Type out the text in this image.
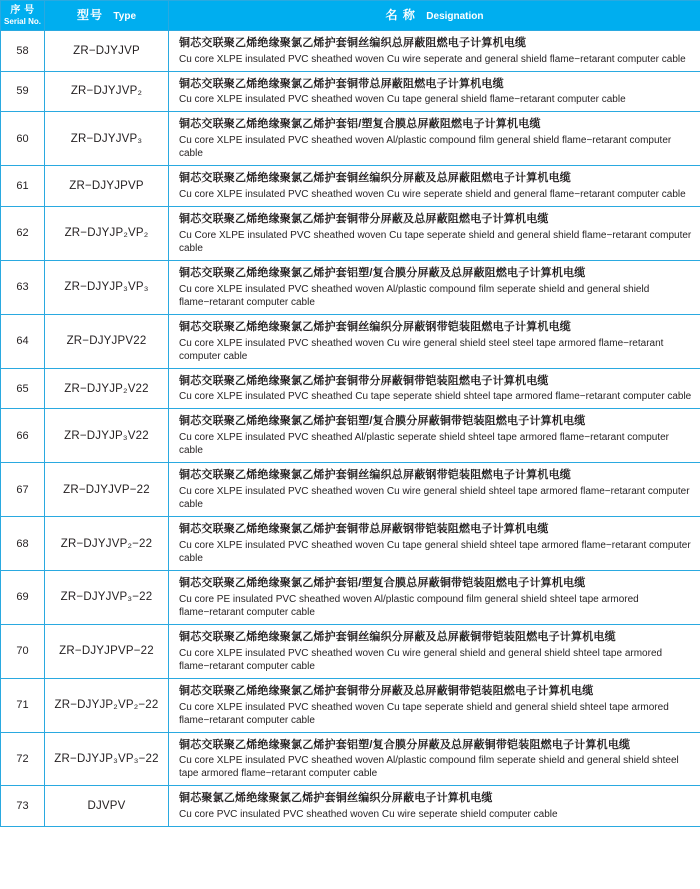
序 号
Serial No.	型号 Type	名 称 Designation
58	ZR−DJYJVP	铜芯交联聚乙烯绝缘聚氯乙烯护套铜丝编织总屏蔽阻燃电子计算机电缆
Cu core XLPE insulated PVC sheathed woven Cu wire seperate and general shield flame−retarant computer cable

59	ZR−DJYJVP₂	铜芯交联聚乙烯绝缘聚氯乙烯护套铜带总屏蔽阻燃电子计算机电缆
Cu core XLPE insulated PVC sheathed woven Cu tape general shield flame−retarant computer cable

60	ZR−DJYJVP₃	铜芯交联聚乙烯绝缘聚氯乙烯护套铝/塑复合膜总屏蔽阻燃电子计算机电缆
Cu core XLPE insulated PVC sheathed woven Al/plastic compound film general shield flame−retarant computer cable

61	ZR−DJYJPVP	铜芯交联聚乙烯绝缘聚氯乙烯护套铜丝编织分屏蔽及总屏蔽阻燃电子计算机电缆
Cu core XLPE insulated PVC sheathed woven Cu wire seperate shield and general flame−retarant computer cable

62	ZR−DJYJP₂VP₂	铜芯交联聚乙烯绝缘聚氯乙烯护套铜带分屏蔽及总屏蔽阻燃电子计算机电缆
Cu Core XLPE insulated PVC sheathed woven Cu tape seperate shield and general shield flame−retarant computer cable

63	ZR−DJYJP₃VP₃	铜芯交联聚乙烯绝缘聚氯乙烯护套铝塑/复合膜分屏蔽及总屏蔽阻燃电子计算机电缆
Cu core XLPE insulated PVC sheathed woven Al/plastic compound film seperate shield and general shield flame−retarant computer cable

64	ZR−DJYJPV22	铜芯交联聚乙烯绝缘聚氯乙烯护套铜丝编织分屏蔽钢带铠装阻燃电子计算机电缆
Cu core XLPE insulated PVC sheathed woven Cu wire general shield steel steel tape armored flame−retarant computer cable

65	ZR−DJYJP₂V22	铜芯交联聚乙烯绝缘聚氯乙烯护套铜带分屏蔽铜带铠装阻燃电子计算机电缆
Cu core XLPE insulated PVC sheathed Cu tape seperate shield shteel tape armored flame−retarant computer cable

66	ZR−DJYJP₃V22	铜芯交联聚乙烯绝缘聚氯乙烯护套铝塑/复合膜分屏蔽铜带铠装阻燃电子计算机电缆
Cu core XLPE insulated PVC sheathed Al/plastic seperate shield shteel tape armored flame−retarant computer cable

67	ZR−DJYJVP−22	铜芯交联聚乙烯绝缘聚氯乙烯护套铜丝编织总屏蔽钢带铠装阻燃电子计算机电缆
Cu core XLPE insulated PVC sheathed woven Cu wire general shield shteel tape armored flame−retarant computer cable

68	ZR−DJYJVP₂−22	铜芯交联聚乙烯绝缘聚氯乙烯护套铜带总屏蔽钢带铠装阻燃电子计算机电缆
Cu core XLPE insulated PVC sheathed woven Cu tape general shield shteel tape armored flame−retarant computer cable

69	ZR−DJYJVP₃−22	铜芯交联聚乙烯绝缘聚氯乙烯护套铝/塑复合膜总屏蔽铜带铠装阻燃电子计算机电缆
Cu core PE insulated PVC sheathed woven Al/plastic compound film general shield shteel tape armored flame−retarant computer cable

70	ZR−DJYJPVP−22	铜芯交联聚乙烯绝缘聚氯乙烯护套铜丝编织分屏蔽及总屏蔽铜带铠装阻燃电子计算机电缆
Cu core XLPE insulated PVC sheathed woven Cu wire general shield and general shield shteel tape armored flame−retarant computer cable

71	ZR−DJYJP₂VP₂−22	铜芯交联聚乙烯绝缘聚氯乙烯护套铜带分屏蔽及总屏蔽铜带铠装阻燃电子计算机电缆
Cu core XLPE insulated PVC sheathed woven Cu tape seperate shield and general shield shteel tape armored flame−retarant computer cable

72	ZR−DJYJP₃VP₃−22	铜芯交联聚乙烯绝缘聚氯乙烯护套铝塑/复合膜分屏蔽及总屏蔽铜带铠装阻燃电子计算机电缆
Cu core XLPE insulated PVC sheathed woven Al/plastic compound film seperate shield and general shield shteel tape armored flame−retarant computer cable

73	DJVPV	铜芯聚氯乙烯绝缘聚氯乙烯护套铜丝编织分屏蔽电子计算机电缆
Cu core PVC insulated PVC sheathed woven Cu wire seperate shield computer cable
